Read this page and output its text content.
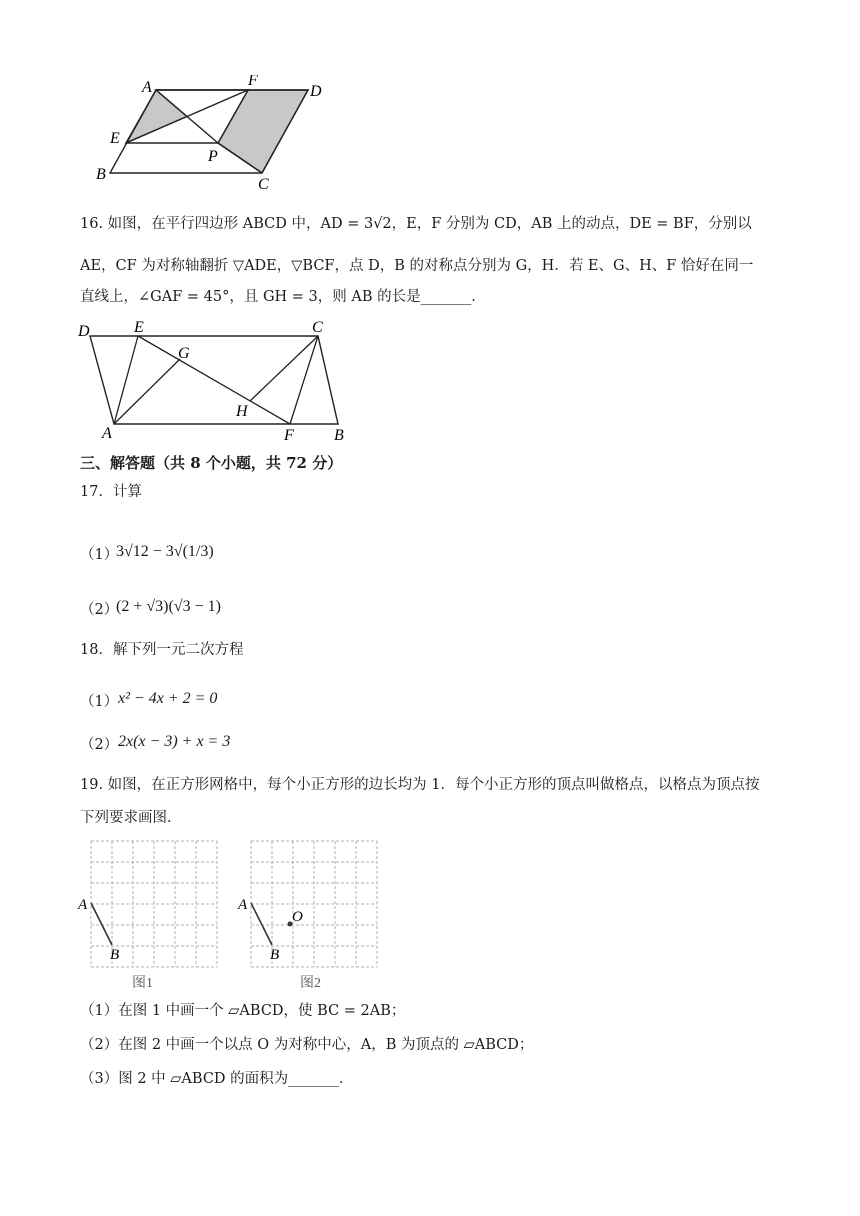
A	F
D
E
P
B
C
16. 如图，在平行四边形 ABCD 中，AD = 3√2，E，F 分别为 CD，AB 上的动点，DE = BF，分别以
AE，CF 为对称轴翻折 ▽ADE，▽BCF，点 D，B 的对称点分别为 G，H．若 E、G、H、F 恰好在同一
直线上，∠GAF = 45°，且 GH = 3，则 AB 的长是_______．
D	E	C
G
H
A	F	B
三、解答题（共 8 个小题，共 72 分）
17．计算
（1）
3√12 − 3√(1/3)
（2）
(2 + √3)(√3 − 1)
18．解下列一元二次方程
（1） x² − 4x + 2 = 0
（2） 2x(x − 3) + x = 3
19. 如图，在正方形网格中，每个小正方形的边长均为 1．每个小正方形的顶点叫做格点，以格点为顶点按
下列要求画图．
A
B
图1
A
B
O
图2
（1）在图 1 中画一个 ▱ABCD，使 BC = 2AB；
（2）在图 2 中画一个以点 O 为对称中心，A，B 为顶点的 ▱ABCD；
（3）图 2 中 ▱ABCD 的面积为_______．
